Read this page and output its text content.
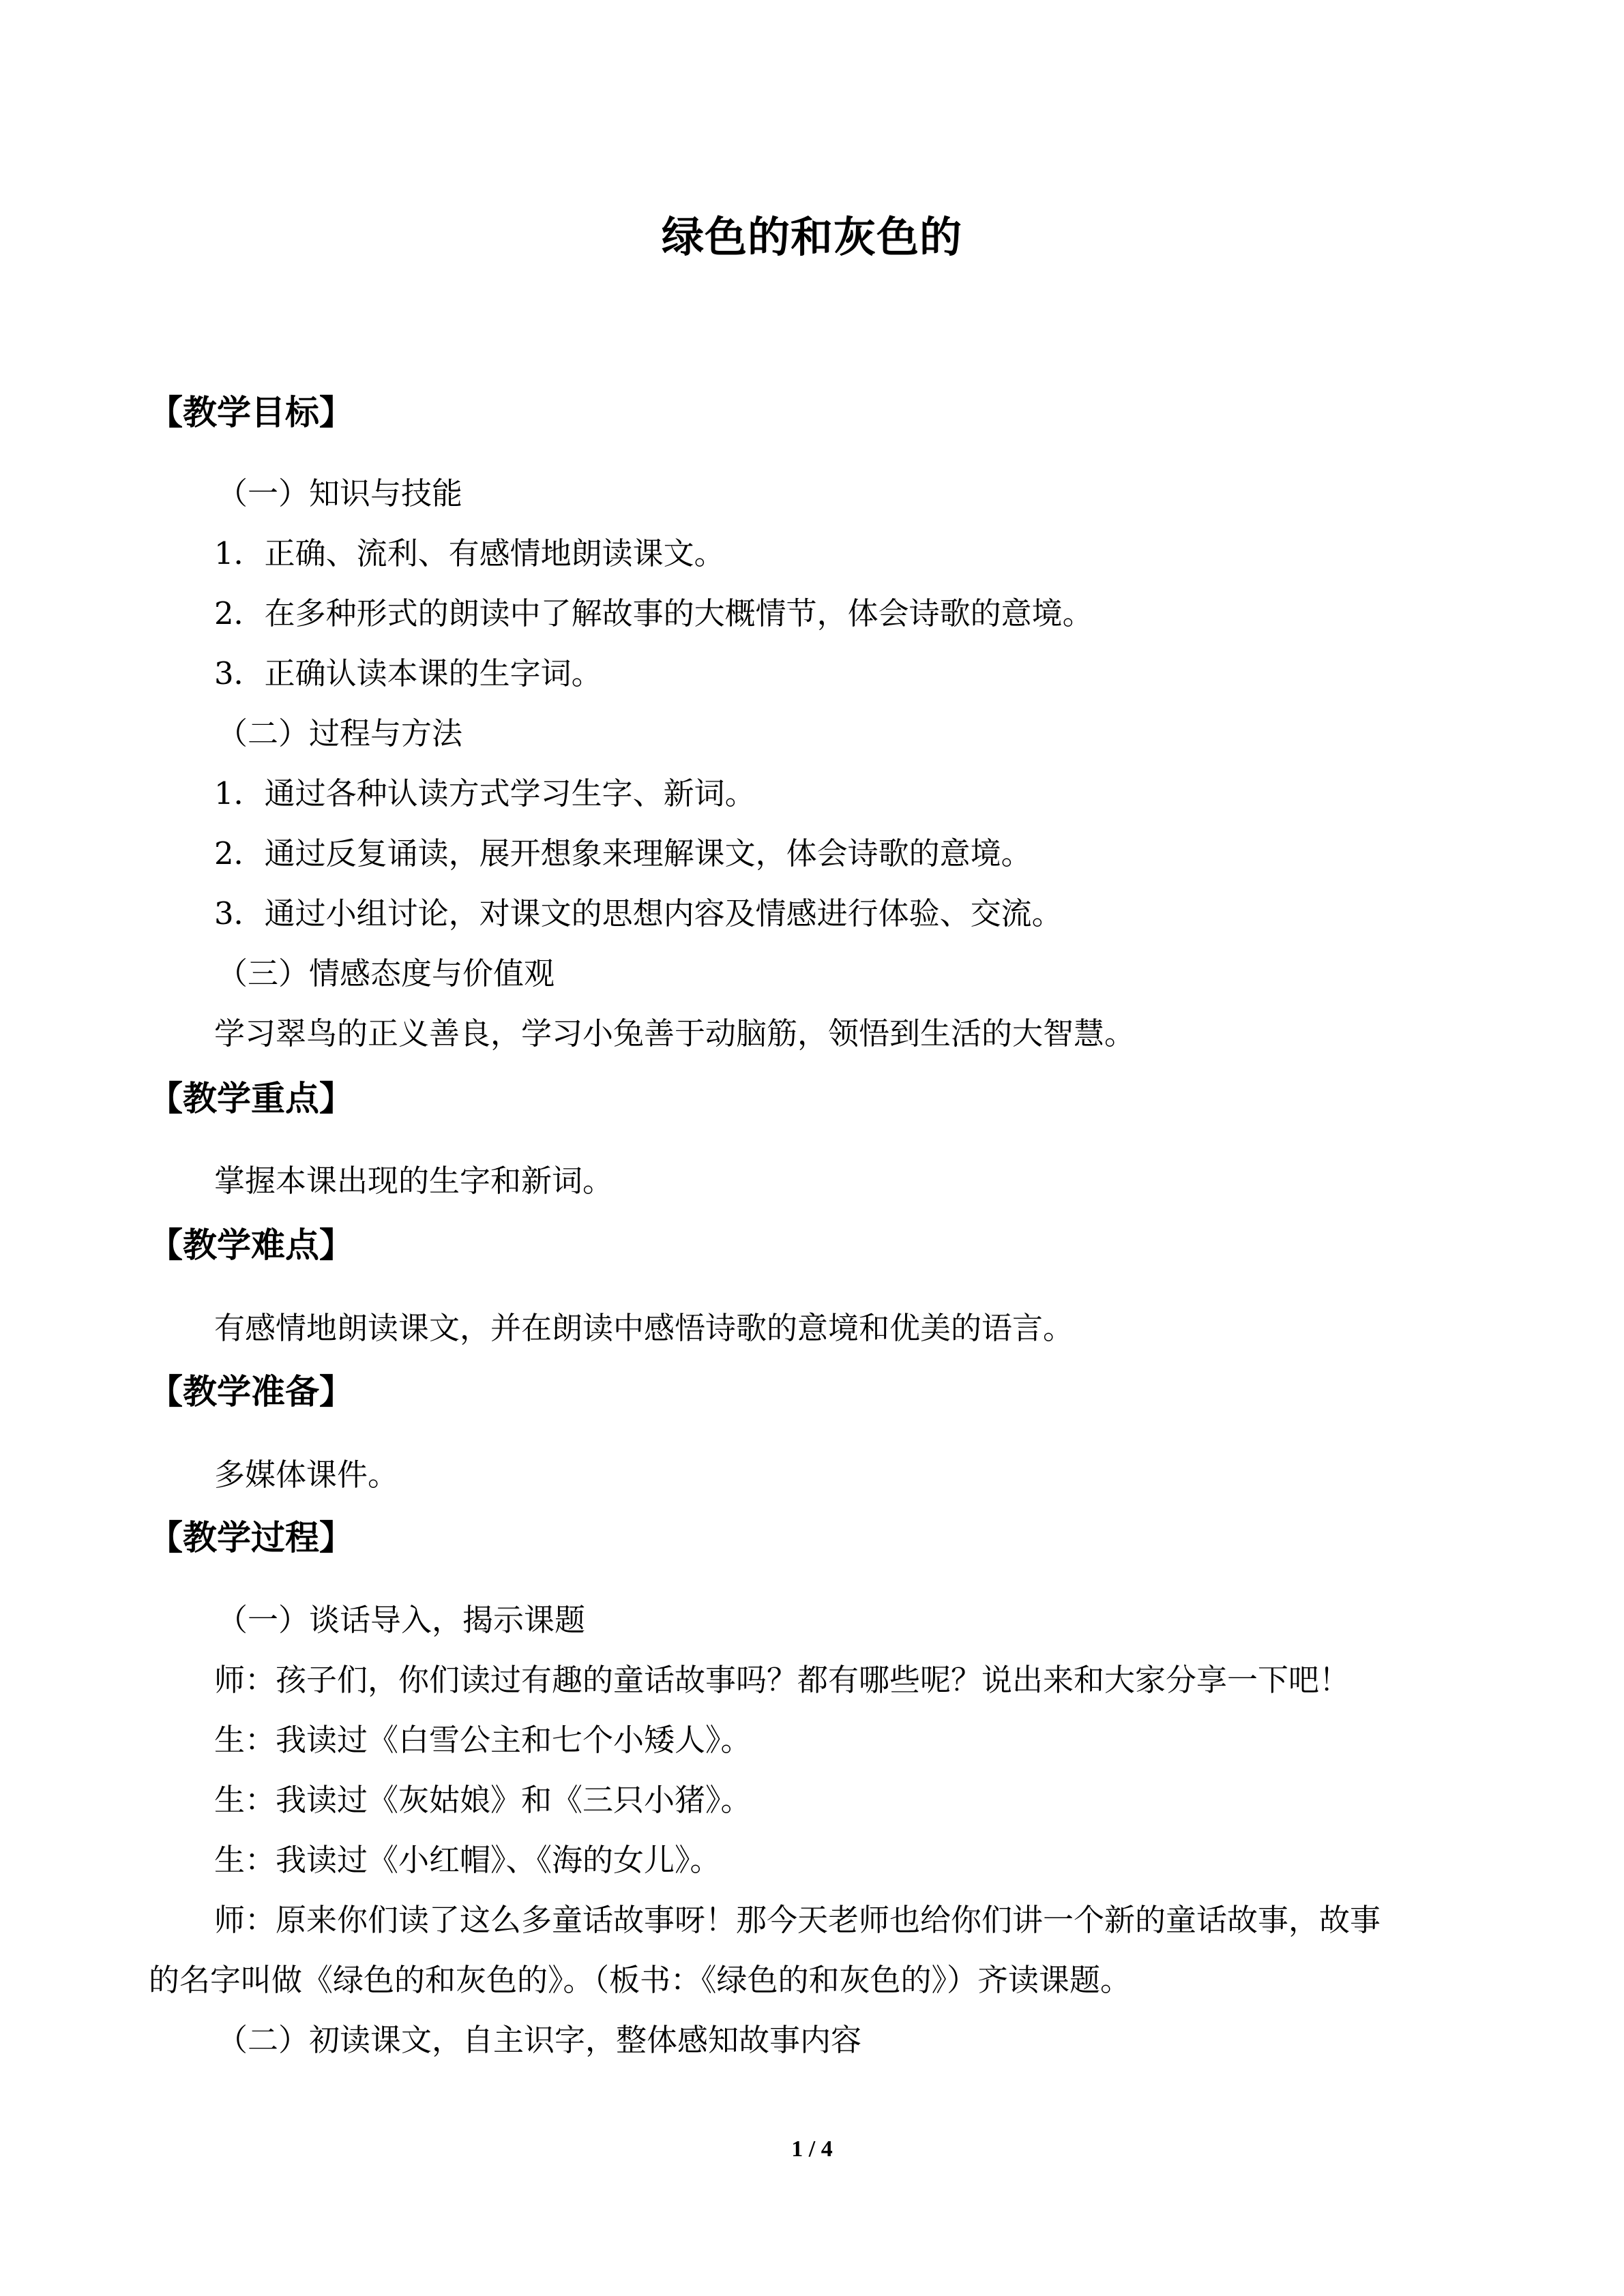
绿色的和灰色的
【教学目标】
（一）知识与技能
1．正确、流利、有感情地朗读课文。
2．在多种形式的朗读中了解故事的大概情节，体会诗歌的意境。
3．正确认读本课的生字词。
（二）过程与方法
1．通过各种认读方式学习生字、新词。
2．通过反复诵读，展开想象来理解课文，体会诗歌的意境。
3．通过小组讨论，对课文的思想内容及情感进行体验、交流。
（三）情感态度与价值观
学习翠鸟的正义善良，学习小兔善于动脑筋，领悟到生活的大智慧。
【教学重点】
掌握本课出现的生字和新词。
【教学难点】
有感情地朗读课文，并在朗读中感悟诗歌的意境和优美的语言。
【教学准备】
多媒体课件。
【教学过程】
（一）谈话导入，揭示课题
师：孩子们，你们读过有趣的童话故事吗？都有哪些呢？说出来和大家分享一下吧！
生：我读过《白雪公主和七个小矮人》。
生：我读过《灰姑娘》和《三只小猪》。
生：我读过《小红帽》、《海的女儿》。
师：原来你们读了这么多童话故事呀！那今天老师也给你们讲一个新的童话故事，故事
的名字叫做《绿色的和灰色的》。（板书：《绿色的和灰色的》）齐读课题。
（二）初读课文，自主识字，整体感知故事内容
1 / 4
